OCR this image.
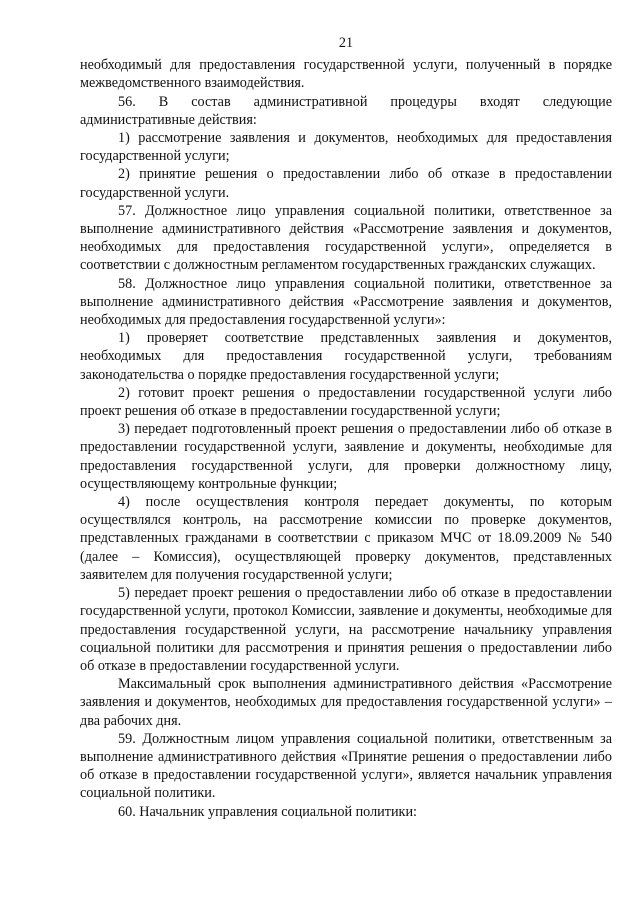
21

необходимый для предоставления государственной услуги, полученный в порядке межведомственного взаимодействия.

56. В состав административной процедуры входят следующие административные действия:

1) рассмотрение заявления и документов, необходимых для предоставления государственной услуги;

2) принятие решения о предоставлении либо об отказе в предоставлении государственной услуги.

57. Должностное лицо управления социальной политики, ответственное за выполнение административного действия «Рассмотрение заявления и документов, необходимых для предоставления государственной услуги», определяется в соответствии с должностным регламентом государственных гражданских служащих.

58. Должностное лицо управления социальной политики, ответственное за выполнение административного действия «Рассмотрение заявления и документов, необходимых для предоставления государственной услуги»:

1) проверяет соответствие представленных заявления и документов, необходимых для предоставления государственной услуги, требованиям законодательства о порядке предоставления государственной услуги;

2) готовит проект решения о предоставлении государственной услуги либо проект решения об отказе в предоставлении государственной услуги;

3) передает подготовленный проект решения о предоставлении либо об отказе в предоставлении государственной услуги, заявление и документы, необходимые для предоставления государственной услуги, для проверки должностному лицу, осуществляющему контрольные функции;

4) после осуществления контроля передает документы, по которым осуществлялся контроль, на рассмотрение комиссии по проверке документов, представленных гражданами в соответствии с приказом МЧС от 18.09.2009 № 540 (далее – Комиссия), осуществляющей проверку документов, представленных заявителем для получения государственной услуги;

5) передает проект решения о предоставлении либо об отказе в предоставлении государственной услуги, протокол Комиссии, заявление и документы, необходимые для предоставления государственной услуги, на рассмотрение начальнику управления социальной политики для рассмотрения и принятия решения о предоставлении либо об отказе в предоставлении государственной услуги.

Максимальный срок выполнения административного действия «Рассмотрение заявления и документов, необходимых для предоставления государственной услуги» – два рабочих дня.

59. Должностным лицом управления социальной политики, ответственным за выполнение административного действия «Принятие решения о предоставлении либо об отказе в предоставлении государственной услуги», является начальник управления социальной политики.

60. Начальник управления социальной политики:
